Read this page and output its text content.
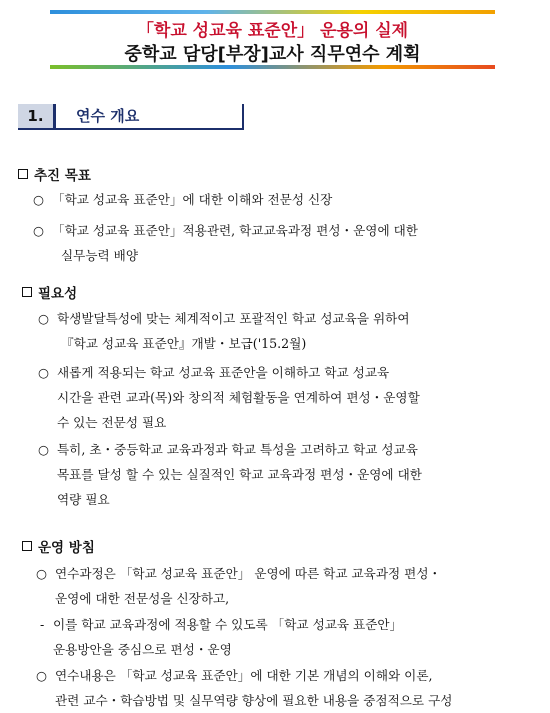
「학교 성교육 표준안」 운용의 실제
중학교 담당[부장]교사 직무연수 계획
1.	연수 개요
추진 목표
○ 「학교 성교육 표준안」에 대한 이해와 전문성 신장
○ 「학교 성교육 표준안」적용관련, 학교교육과정 편성・운영에 대한
실무능력 배양
필요성
○ 학생발달특성에 맞는 체계적이고 포괄적인 학교 성교육을 위하여
『학교 성교육 표준안』개발・보급('15.2월)
○ 새롭게 적용되는 학교 성교육 표준안을 이해하고 학교 성교육
시간을 관련 교과(목)와 창의적 체험활동을 연계하여 편성・운영할
수 있는 전문성 필요
○ 특히, 초・중등학교 교육과정과 학교 특성을 고려하고 학교 성교육
목표를 달성 할 수 있는 실질적인 학교 교육과정 편성・운영에 대한
역량 필요
운영 방침
○ 연수과정은 「학교 성교육 표준안」 운영에 따른 학교 교육과정 편성・
운영에 대한 전문성을 신장하고,
- 이를 학교 교육과정에 적용할 수 있도록 「학교 성교육 표준안」
운용방안을 중심으로 편성・운영
○ 연수내용은 「학교 성교육 표준안」에 대한 기본 개념의 이해와 이론,
관련 교수・학습방법 및 실무역량 향상에 필요한 내용을 중점적으로 구성
